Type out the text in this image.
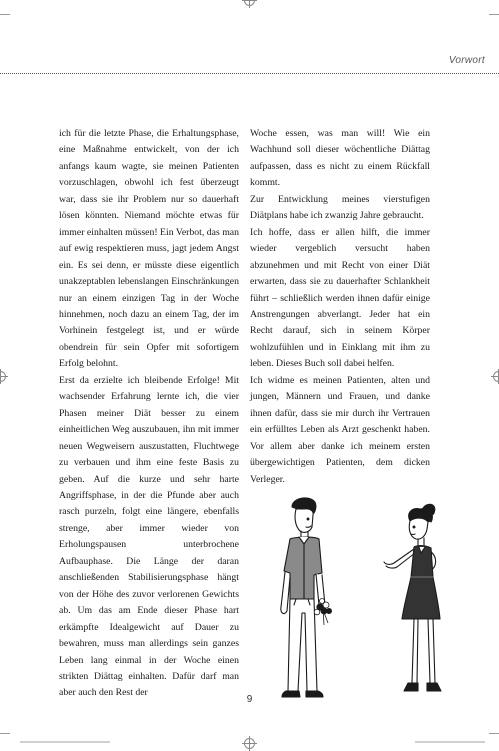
Vorwort

ich für die letzte Phase, die Erhaltungsphase, eine Maßnahme entwickelt, von der ich anfangs kaum wagte, sie meinen Patienten vorzuschlagen, obwohl ich fest überzeugt war, dass sie ihr Problem nur so dauerhaft lösen könnten. Niemand möchte etwas für immer einhalten müssen! Ein Verbot, das man auf ewig respektieren muss, jagt jedem Angst ein. Es sei denn, er müsste diese eigentlich unakzeptablen lebenslangen Einschränkungen nur an einem einzigen Tag in der Woche hinnehmen, noch dazu an einem Tag, der im Vorhinein festgelegt ist, und er würde obendrein für sein Opfer mit sofortigem Erfolg belohnt.

Erst da erzielte ich bleibende Erfolge! Mit wachsender Erfahrung lernte ich, die vier Phasen meiner Diät besser zu einem einheitlichen Weg auszubauen, ihn mit immer neuen Wegweisern auszustatten, Fluchtwege zu verbauen und ihm eine feste Basis zu geben. Auf die kurze und sehr harte Angriffsphase, in der die Pfunde aber auch rasch purzeln, folgt eine längere, ebenfalls strenge, aber immer wieder von Erholungspausen unterbrochene Aufbauphase. Die Länge der daran anschließenden Stabilisierungsphase hängt von der Höhe des zuvor verlorenen Gewichts ab. Um das am Ende dieser Phase hart erkämpfte Idealgewicht auf Dauer zu bewahren, muss man allerdings sein ganzes Leben lang einmal in der Woche einen strikten Diättag einhalten. Dafür darf man aber auch den Rest der

Woche essen, was man will! Wie ein Wachhund soll dieser wöchentliche Diättag aufpassen, dass es nicht zu einem Rückfall kommt.

Zur Entwicklung meines vierstufigen Diätplans habe ich zwanzig Jahre gebraucht.

Ich hoffe, dass er allen hilft, die immer wieder vergeblich versucht haben abzunehmen und mit Recht von einer Diät erwarten, dass sie zu dauerhafter Schlankheit führt – schließlich werden ihnen dafür einige Anstrengungen abverlangt. Jeder hat ein Recht darauf, sich in seinem Körper wohlzufühlen und in Einklang mit ihm zu leben. Dieses Buch soll dabei helfen.

Ich widme es meinen Patienten, alten und jungen, Männern und Frauen, und danke ihnen dafür, dass sie mir durch ihr Vertrauen ein erfülltes Leben als Arzt geschenkt haben. Vor allem aber danke ich meinem ersten übergewichtigen Patienten, dem dicken Verleger.

9
